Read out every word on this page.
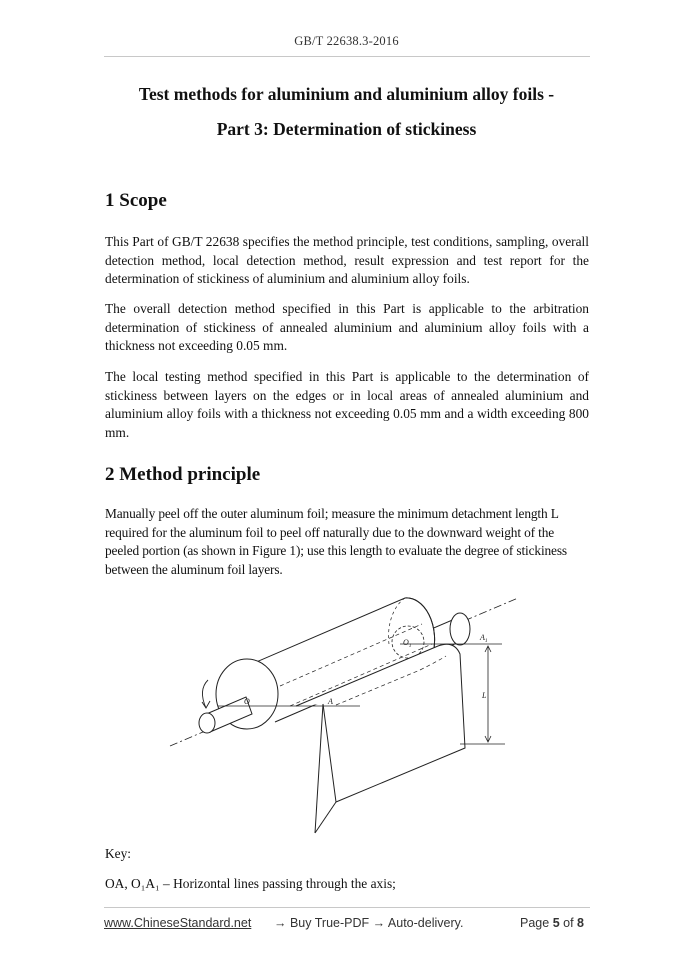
GB/T 22638.3-2016
Test methods for aluminium and aluminium alloy foils -
Part 3: Determination of stickiness
1 Scope

This Part of GB/T 22638 specifies the method principle, test conditions, sampling, overall detection method, local detection method, result expression and test report for the determination of stickiness of aluminium and aluminium alloy foils.

The overall detection method specified in this Part is applicable to the arbitration determination of stickiness of annealed aluminium and aluminium alloy foils with a thickness not exceeding 0.05 mm.

The local testing method specified in this Part is applicable to the determination of stickiness between layers on the edges or in local areas of annealed aluminium and aluminium alloy foils with a thickness not exceeding 0.05 mm and a width exceeding 800 mm.

2 Method principle

Manually peel off the outer aluminum foil; measure the minimum detachment length L required for the aluminum foil to peel off naturally due to the downward weight of the peeled portion (as shown in Figure 1); use this length to evaluate the degree of stickiness between the aluminum foil layers.

$O_1$
$A_1$
L
O	A

Key:

OA, O₁A₁ – Horizontal lines passing through the axis;

www.ChineseStandard.net → Buy True-PDF → Auto-delivery.	Page 5 of 8
